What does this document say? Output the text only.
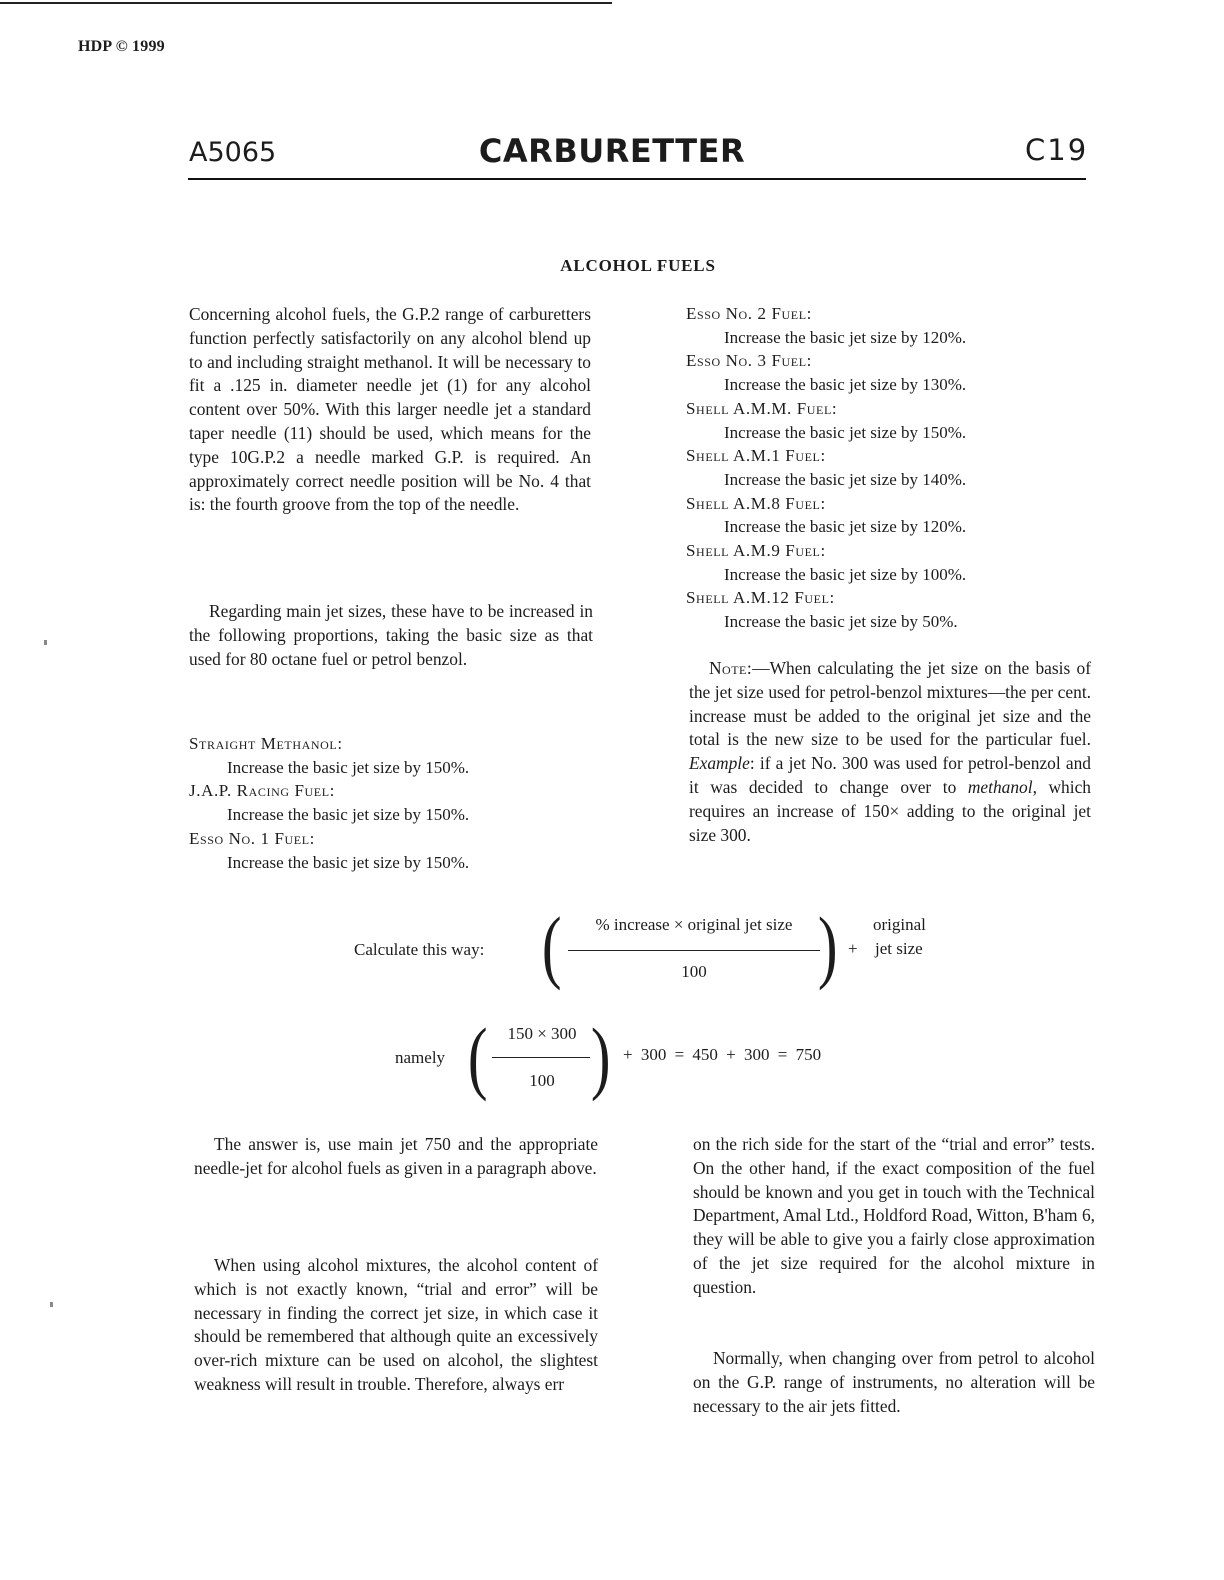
HDP © 1999
A5065	CARBURETTER	C19
ALCOHOL FUELS

Concerning alcohol fuels, the G.P.2 range of carburetters function perfectly satisfactorily on any alcohol blend up to and including straight methanol. It will be necessary to fit a .125 in. diameter needle jet (1) for any alcohol content over 50%. With this larger needle jet a standard taper needle (11) should be used, which means for the type 10G.P.2 a needle marked G.P. is required. An approximately correct needle position will be No. 4 that is: the fourth groove from the top of the needle.

Regarding main jet sizes, these have to be increased in the following proportions, taking the basic size as that used for 80 octane fuel or petrol benzol.

Straight Methanol:
Increase the basic jet size by 150%.
J.A.P. Racing Fuel:
Increase the basic jet size by 150%.
Esso No. 1 Fuel:
Increase the basic jet size by 150%.
Esso No. 2 Fuel:
Increase the basic jet size by 120%.
Esso No. 3 Fuel:
Increase the basic jet size by 130%.
Shell A.M.M. Fuel:
Increase the basic jet size by 150%.
Shell A.M.1 Fuel:
Increase the basic jet size by 140%.
Shell A.M.8 Fuel:
Increase the basic jet size by 120%.
Shell A.M.9 Fuel:
Increase the basic jet size by 100%.
Shell A.M.12 Fuel:
Increase the basic jet size by 50%.

Note:—When calculating the jet size on the basis of the jet size used for petrol-benzol mixtures—the per cent. increase must be added to the original jet size and the total is the new size to be used for the particular fuel. Example: if a jet No. 300 was used for petrol-benzol and it was decided to change over to methanol, which requires an increase of 150× adding to the original jet size 300.

Calculate this way: (	% increase × original jet size
100	) +
original
jet size
namely (	150 × 300
100 ) + 300 = 450 + 300 = 750

The answer is, use main jet 750 and the appropriate needle-jet for alcohol fuels as given in a paragraph above.

When using alcohol mixtures, the alcohol content of which is not exactly known, “trial and error” will be necessary in finding the correct jet size, in which case it should be remembered that although quite an excessively over-rich mixture can be used on alcohol, the slightest weakness will result in trouble. Therefore, always err

on the rich side for the start of the “trial and error” tests. On the other hand, if the exact composition of the fuel should be known and you get in touch with the Technical Department, Amal Ltd., Holdford Road, Witton, B'ham 6, they will be able to give you a fairly close approximation of the jet size required for the alcohol mixture in question.

Normally, when changing over from petrol to alcohol on the G.P. range of instruments, no alteration will be necessary to the air jets fitted.
